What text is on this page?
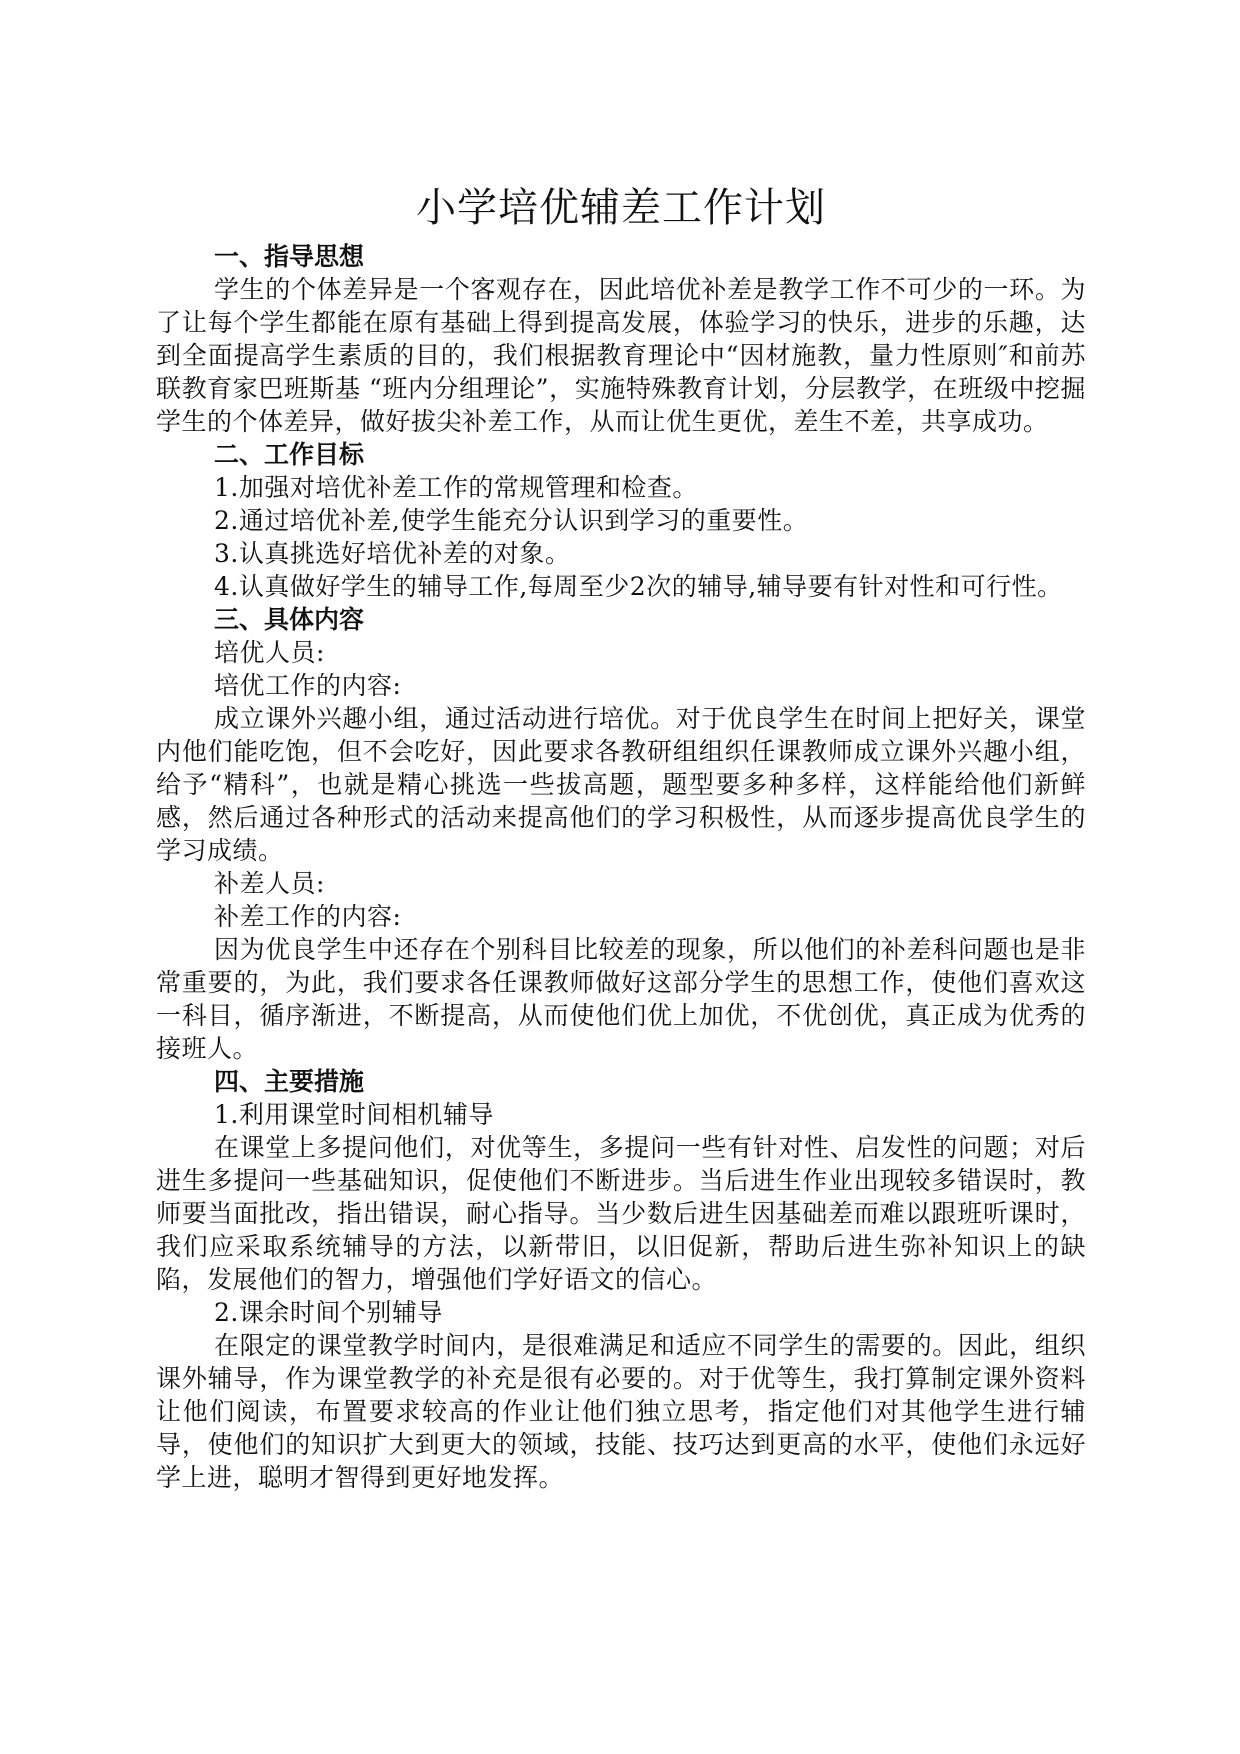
小学培优辅差工作计划
一、指导思想

学生的个体差异是一个客观存在，因此培优补差是教学工作不可少的一环。为了让每个学生都能在原有基础上得到提高发展，体验学习的快乐，进步的乐趣，达到全面提高学生素质的目的，我们根据教育理论中“因材施教，量力性原则″和前苏联教育家巴班斯基 “班内分组理论”，实施特殊教育计划，分层教学，在班级中挖掘学生的个体差异，做好拔尖补差工作，从而让优生更优，差生不差，共享成功。

二、工作目标

1.加强对培优补差工作的常规管理和检查。

2.通过培优补差,使学生能充分认识到学习的重要性。

3.认真挑选好培优补差的对象。

4.认真做好学生的辅导工作,每周至少2次的辅导,辅导要有针对性和可行性。

三、具体内容

培优人员:

培优工作的内容:

成立课外兴趣小组，通过活动进行培优。对于优良学生在时间上把好关，课堂内他们能吃饱，但不会吃好，因此要求各教研组组织任课教师成立课外兴趣小组，给予“精科”，也就是精心挑选一些拔高题，题型要多种多样，这样能给他们新鲜感，然后通过各种形式的活动来提高他们的学习积极性，从而逐步提高优良学生的学习成绩。

补差人员:

补差工作的内容:

因为优良学生中还存在个别科目比较差的现象，所以他们的补差科问题也是非常重要的，为此，我们要求各任课教师做好这部分学生的思想工作，使他们喜欢这一科目，循序渐进，不断提高，从而使他们优上加优，不优创优，真正成为优秀的接班人。

四、主要措施

1.利用课堂时间相机辅导

在课堂上多提问他们，对优等生，多提问一些有针对性、启发性的问题；对后进生多提问一些基础知识，促使他们不断进步。当后进生作业出现较多错误时，教师要当面批改，指出错误，耐心指导。当少数后进生因基础差而难以跟班听课时，我们应采取系统辅导的方法，以新带旧，以旧促新，帮助后进生弥补知识上的缺陷，发展他们的智力，增强他们学好语文的信心。

2.课余时间个别辅导

在限定的课堂教学时间内，是很难满足和适应不同学生的需要的。因此，组织课外辅导，作为课堂教学的补充是很有必要的。对于优等生，我打算制定课外资料让他们阅读，布置要求较高的作业让他们独立思考，指定他们对其他学生进行辅导，使他们的知识扩大到更大的领域，技能、技巧达到更高的水平，使他们永远好学上进，聪明才智得到更好地发挥。
